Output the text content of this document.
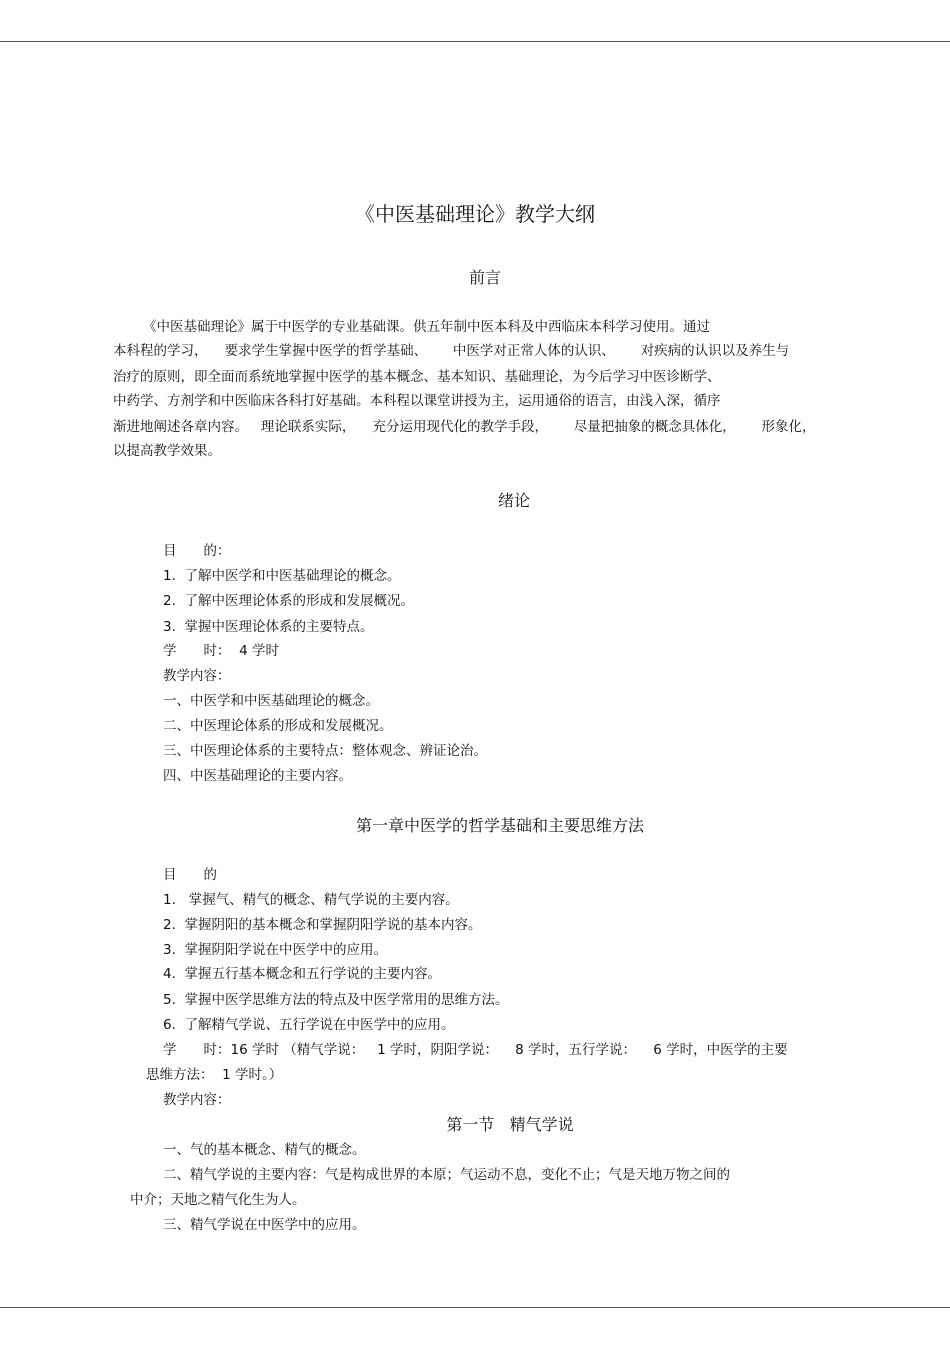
《中医基础理论》教学大纲
前言
《中医基础理论》属于中医学的专业基础课。供五年制中医本科及中西临床本科学习使用。通过
本科程的学习，    要求学生掌握中医学的哲学基础、      中医学对正常人体的认识、      对疾病的认识以及养生与
治疗的原则，即全面而系统地掌握中医学的基本概念、基本知识、基础理论，为今后学习中医诊断学、
中药学、方剂学和中医临床各科打好基础。本科程以课堂讲授为主，运用通俗的语言，由浅入深，循序
渐进地阐述各章内容。   理论联系实际，    充分运用现代化的教学手段，      尽量把抽象的概念具体化，      形象化，
以提高教学效果。
绪论
目　　的：
1.  了解中医学和中医基础理论的概念。
2.  了解中医理论体系的形成和发展概况。
3.  掌握中医理论体系的主要特点。
学　　时：  4 学时
教学内容：
一、中医学和中医基础理论的概念。
二、中医理论体系的形成和发展概况。
三、中医理论体系的主要特点：整体观念、辨证论治。
四、中医基础理论的主要内容。
第一章中医学的哲学基础和主要思维方法
目　　的
1.   掌握气、精气的概念、精气学说的主要内容。
2.  掌握阴阳的基本概念和掌握阴阳学说的基本内容。
3.  掌握阴阳学说在中医学中的应用。
4.  掌握五行基本概念和五行学说的主要内容。
5.  掌握中医学思维方法的特点及中医学常用的思维方法。
6.  了解精气学说、五行学说在中医学中的应用。
学　　时：16 学时 （精气学说：   1 学时，阴阳学说：    8 学时，五行学说：    6 学时，中医学的主要
思维方法：  1 学时。）
教学内容：
第一节   精气学说
一、气的基本概念、精气的概念。
二、精气学说的主要内容：气是构成世界的本原；气运动不息，变化不止；气是天地万物之间的
中介；天地之精气化生为人。
三、精气学说在中医学中的应用。
